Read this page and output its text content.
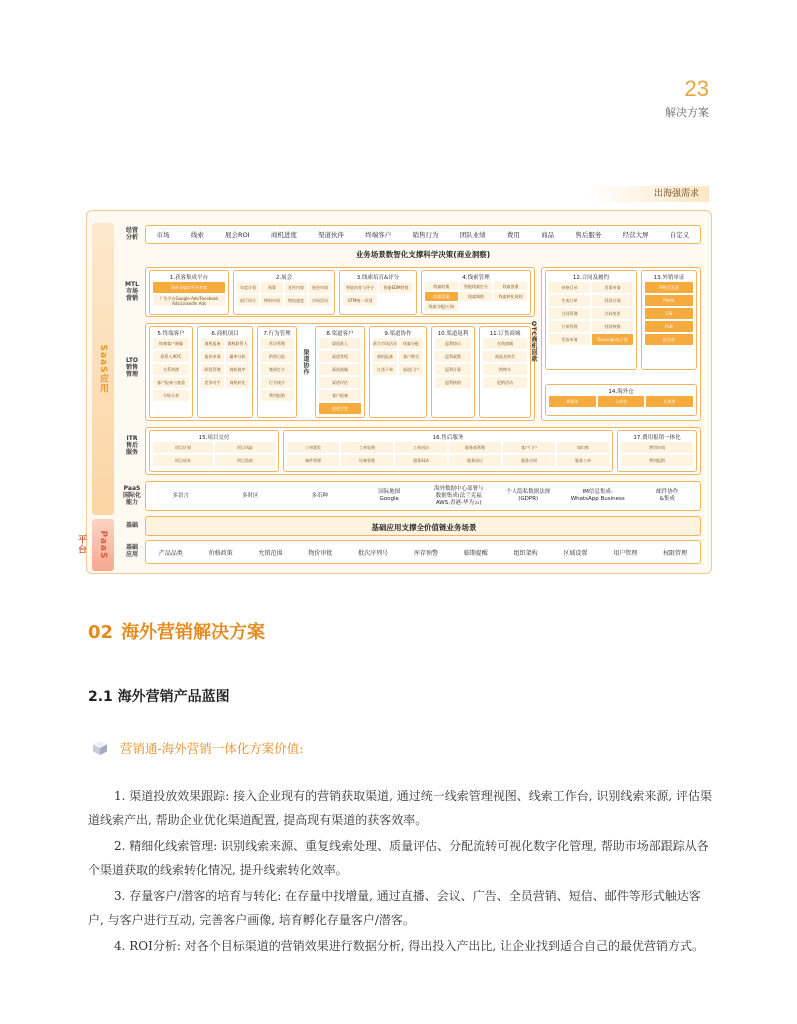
23
解决方案
出海强需求
SaaS应用
PaaS平台
经营
分析	市场	线索	展会ROI	商机进度	渠道伙伴	终端客户	销售行为	团队业绩	费用	商品	售后服务	经营大屏	自定义
业务场景数智化支撑科学决策(商业洞察)
MTL
市场
营销
1.获客集成平台
海外各媒体平台获客
广告平台Google Ads/Facebook Ads/LinkedIn Ads
2.展会
年度计划	预算	宣传内容	展会申请
展厅设计	物料申请	物流速度	市场活动
3.线索培育&评分
智能培育与评分	智能EDM营销
UTM统一识别
4.线索管理
线索收集	智能线索打分	线索查重
线索质量	线索调换	线索转化规则
线索分配/公海
LTO
销售
管理
5.终端客户
终端客户画像
联系人/KYC
关系图谱
客户报备与查重
分级分类
6.商机项目
商机报备	商机联系人
报价申请	赢率分析
阶段管理	商机排序
竞争对手	商机转化
7.行为管理
拜访管理
销售日报
签到打卡
行为统计
费用报销
渠道协作
8.渠道客户
渠道准入
渠道等级
渠道画像
渠道评估
客户报备
渠道学堂
9.渠道协作
联合市场活动	线索分配
商机报备	客户移交
订货下单	渠道门户
10.渠道返利
返利协议
返利政策
返利计算
返利核销
11.订货商城
在线商城
商品及库存
购物车
促销活动
OTC商机回款
12.合同及履约
价格目录	发票申请
生成订单	回款计划
合同管理	合同变更
订单管理	回款核销
发货申请	Docusign电子签
13.外销单证
PI形式发票
PI审核
CIS
PLB
报关单
14.海外仓
调拨单	入库单	出库单
ITR
售后
服务
15.项目交付
项目计划	项目风险
项目成本	项目验收
16.售后服务
工单派发	工单处理	工单回访	服务商管理	客户门户	知识库
备件管理	设备管理	服务SLA	服务协议	服务合同	服务工单
17.费用报销一体化
费用申请
费用报销
PaaS
国际化
能力
多语言	多时区	多币种
国际地图
Google
海外数据中心部署与
数据集成(法兰克福
AWS,香港-华为云)
个人隐私数据法规
(GDPR)
IM信息集成-
WhatsApp Business
邮件协作
&集成
基础	基础应用支撑全价值链业务场景
基础
应用	产品品类	价格政策	允销范围	物价审批	批次序列号	库存预警	临期提醒	组织架构	区域设置	用户管理	权限管理
02 海外营销解决方案
2.1 海外营销产品蓝图
营销通-海外营销一体化方案价值:

1. 渠道投放效果跟踪: 接入企业现有的营销获取渠道, 通过统一线索管理视图、线索工作台, 识别线索来源, 评估渠道线索产出, 帮助企业优化渠道配置, 提高现有渠道的获客效率。

2. 精细化线索管理: 识别线索来源、重复线索处理、质量评估、分配流转可视化数字化管理, 帮助市场部跟踪从各个渠道获取的线索转化情况, 提升线索转化效率。

3. 存量客户/潜客的培育与转化: 在存量中找增量, 通过直播、会议、广告、全员营销、短信、邮件等形式触达客户, 与客户进行互动, 完善客户画像, 培育孵化存量客户/潜客。

4. ROI分析: 对各个目标渠道的营销效果进行数据分析, 得出投入产出比, 让企业找到适合自己的最优营销方式。
